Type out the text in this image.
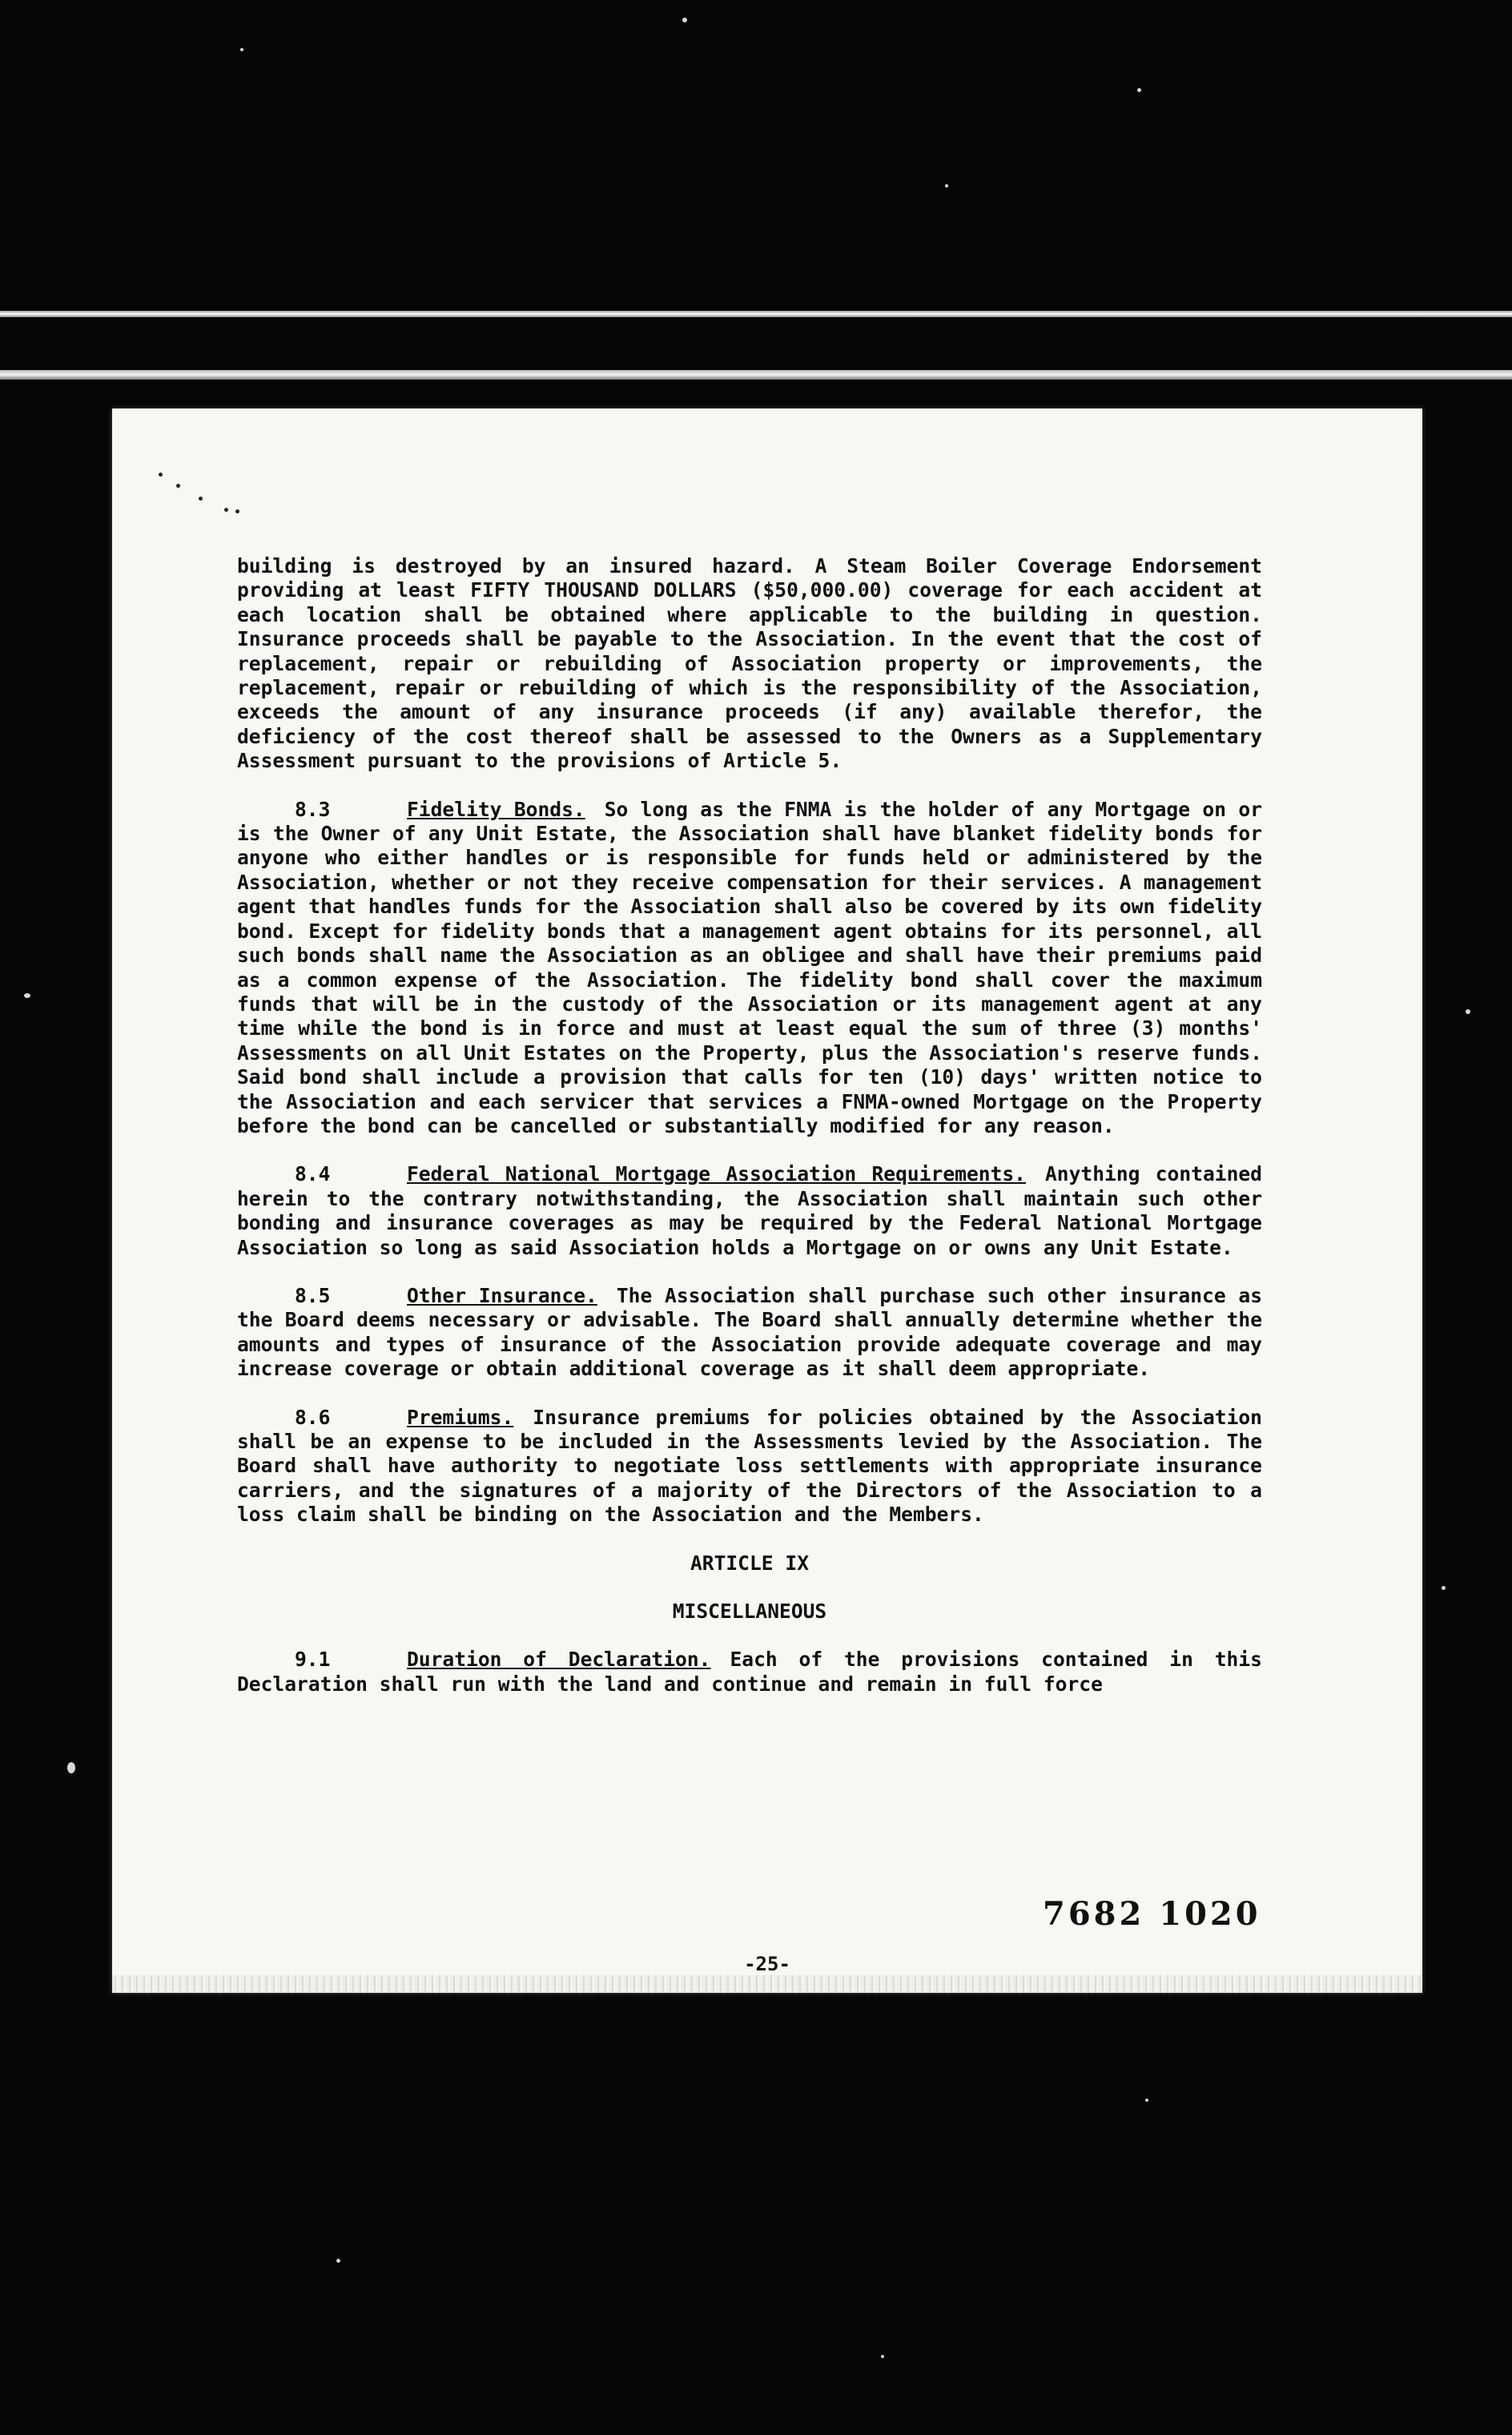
building is destroyed by an insured hazard. A Steam Boiler Coverage Endorsement providing at least FIFTY THOUSAND DOLLARS ($50,000.00) coverage for each accident at each location shall be obtained where applicable to the building in question. Insurance proceeds shall be payable to the Association. In the event that the cost of replacement, repair or rebuilding of Association property or improvements, the replacement, repair or rebuilding of which is the responsibility of the Association, exceeds the amount of any insurance proceeds (if any) available therefor, the deficiency of the cost thereof shall be assessed to the Owners as a Supplementary Assessment pursuant to the provisions of Article 5.

8.3	Fidelity Bonds. So long as the FNMA is the holder of any Mortgage on or is the Owner of any Unit Estate, the Association shall have blanket fidelity bonds for anyone who either handles or is responsible for funds held or administered by the Association, whether or not they receive compensation for their services. A management agent that handles funds for the Association shall also be covered by its own fidelity bond. Except for fidelity bonds that a management agent obtains for its personnel, all such bonds shall name the Association as an obligee and shall have their premiums paid as a common expense of the Association. The fidelity bond shall cover the maximum funds that will be in the custody of the Association or its management agent at any time while the bond is in force and must at least equal the sum of three (3) months' Assessments on all Unit Estates on the Property, plus the Association's reserve funds. Said bond shall include a provision that calls for ten (10) days' written notice to the Association and each servicer that services a FNMA-owned Mortgage on the Property before the bond can be cancelled or substantially modified for any reason.

8.4	Federal National Mortgage Association Requirements. Anything contained herein to the contrary notwithstanding, the Association shall maintain such other bonding and insurance coverages as may be required by the Federal National Mortgage Association so long as said Association holds a Mortgage on or owns any Unit Estate.

8.5	Other Insurance. The Association shall purchase such other insurance as the Board deems necessary or advisable. The Board shall annually determine whether the amounts and types of insurance of the Association provide adequate coverage and may increase coverage or obtain additional coverage as it shall deem appropriate.

8.6	Premiums. Insurance premiums for policies obtained by the Association shall be an expense to be included in the Assessments levied by the Association. The Board shall have authority to negotiate loss settlements with appropriate insurance carriers, and the signatures of a majority of the Directors of the Association to a loss claim shall be binding on the Association and the Members.

ARTICLE IX
MISCELLANEOUS

9.1	Duration of Declaration. Each of the provisions contained in this Declaration shall run with the land and continue and remain in full force

7682 1020
-25-
